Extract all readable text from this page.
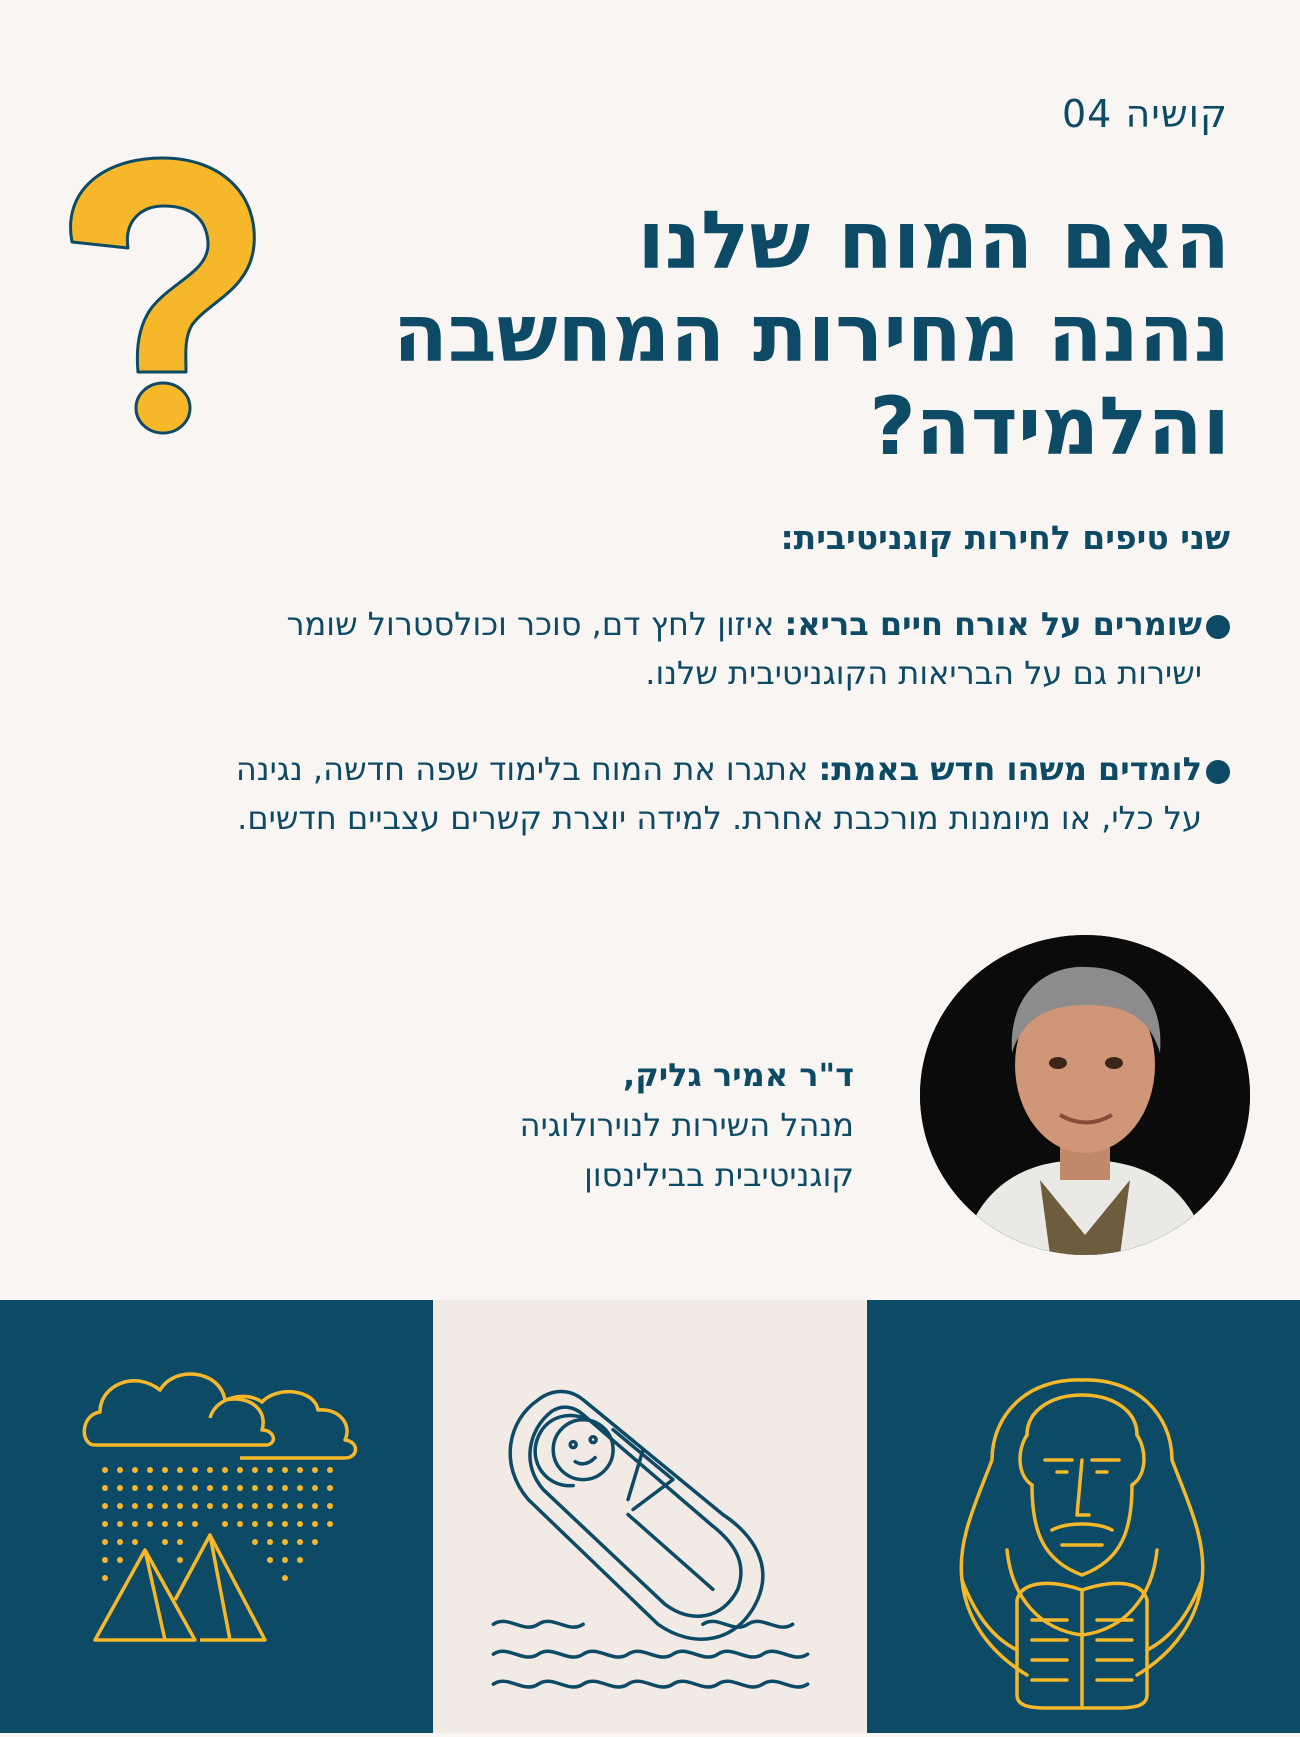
קושיה 04
האם המוח שלנו
נהנה מחירות המחשבה
והלמידה?
שני טיפים לחירות קוגניטיבית:
שומרים על אורח חיים בריא: איזון לחץ דם, סוכר וכולסטרול שומר ישירות גם על הבריאות הקוגניטיבית שלנו.
לומדים משהו חדש באמת: אתגרו את המוח בלימוד שפה חדשה, נגינה על כלי, או מיומנות מורכבת אחרת. למידה יוצרת קשרים עצביים חדשים.
ד"ר אמיר גליק,
מנהל השירות לנוירולוגיה
קוגניטיבית בבילינסון
